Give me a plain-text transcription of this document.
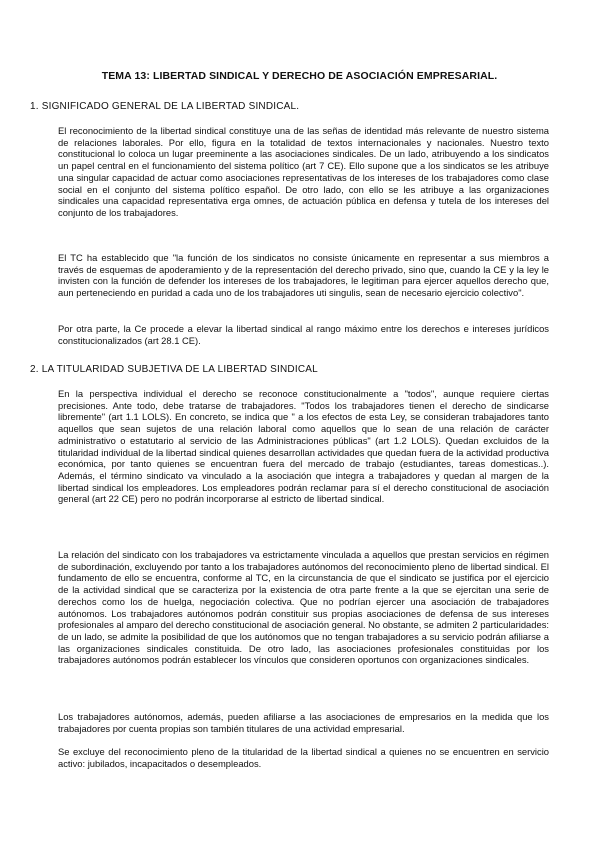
TEMA 13: LIBERTAD SINDICAL Y DERECHO DE ASOCIACIÓN EMPRESARIAL.
1. SIGNIFICADO GENERAL DE LA LIBERTAD SINDICAL.

El reconocimiento de la libertad sindical constituye una de las señas de identidad más relevante de nuestro sistema de relaciones laborales. Por ello, figura en la totalidad de textos internacionales y nacionales. Nuestro texto constitucional lo coloca un lugar preeminente a las asociaciones sindicales. De un lado, atribuyendo a los sindicatos un papel central en el funcionamiento del sistema político (art 7 CE). Ello supone que a los sindicatos se les atribuye una singular capacidad de actuar como asociaciones representativas de los intereses de los trabajadores como clase social en el conjunto del sistema político español. De otro lado, con ello se les atribuye a las organizaciones sindicales una capacidad representativa erga omnes, de actuación pública en defensa y tutela de los intereses del conjunto de los trabajadores.

El TC ha establecido que "la función de los sindicatos no consiste únicamente en representar a sus miembros a través de esquemas de apoderamiento y de la representación del derecho privado, sino que, cuando la CE y la ley le invisten con la función de defender los intereses de los trabajadores, le legitiman para ejercer aquellos derecho que, aun perteneciendo en puridad a cada uno de los trabajadores uti singulis, sean de necesario ejercicio colectivo".

Por otra parte, la Ce procede a elevar la libertad sindical al rango máximo entre los derechos e intereses jurídicos constitucionalizados (art 28.1 CE).

2. LA TITULARIDAD SUBJETIVA DE LA LIBERTAD SINDICAL

En la perspectiva individual el derecho se reconoce constitucionalmente a "todos", aunque requiere ciertas precisiones. Ante todo, debe tratarse de trabajadores. "Todos los trabajadores tienen el derecho de sindicarse libremente" (art 1.1 LOLS). En concreto, se indica que " a los efectos de esta Ley, se consideran trabajadores tanto aquellos que sean sujetos de una relación laboral como aquellos que lo sean de una relación de carácter administrativo o estatutario al servicio de las Administraciones públicas" (art 1.2 LOLS). Quedan excluidos de la titularidad individual de la libertad sindical quienes desarrollan actividades que quedan fuera de la actividad productiva económica, por tanto quienes se encuentran fuera del mercado de trabajo (estudiantes, tareas domesticas..). Además, el término sindicato va vinculado a la asociación que integra a trabajadores y quedan al margen de la libertad sindical los empleadores. Los empleadores podrán reclamar para sí el derecho constitucional de asociación general (art 22 CE) pero no podrán incorporarse al estricto de libertad sindical.

La relación del sindicato con los trabajadores va estrictamente vinculada a aquellos que prestan servicios en régimen de subordinación, excluyendo por tanto a los trabajadores autónomos del reconocimiento pleno de libertad sindical. El fundamento de ello se encuentra, conforme al TC, en la circunstancia de que el sindicato se justifica por el ejercicio de la actividad sindical que se caracteriza por la existencia de otra parte frente a la que se ejercitan una serie de derechos como los de huelga, negociación colectiva. Que no podrían ejercer una asociación de trabajadores autónomos. Los trabajadores autónomos podrán constituir sus propias asociaciones de defensa de sus intereses profesionales al amparo del derecho constitucional de asociación general. No obstante, se admiten 2 particularidades: de un lado, se admite la posibilidad de que los autónomos que no tengan trabajadores a su servicio podrán afiliarse a las organizaciones sindicales constituida. De otro lado, las asociaciones profesionales constituidas por los trabajadores autónomos podrán establecer los vínculos que consideren oportunos con organizaciones sindicales.

Los trabajadores autónomos, además, pueden afiliarse a las asociaciones de empresarios en la medida que los trabajadores por cuenta propias son también titulares de una actividad empresarial.

Se excluye del reconocimiento pleno de la titularidad de la libertad sindical a quienes no se encuentren en servicio activo: jubilados, incapacitados o desempleados.
